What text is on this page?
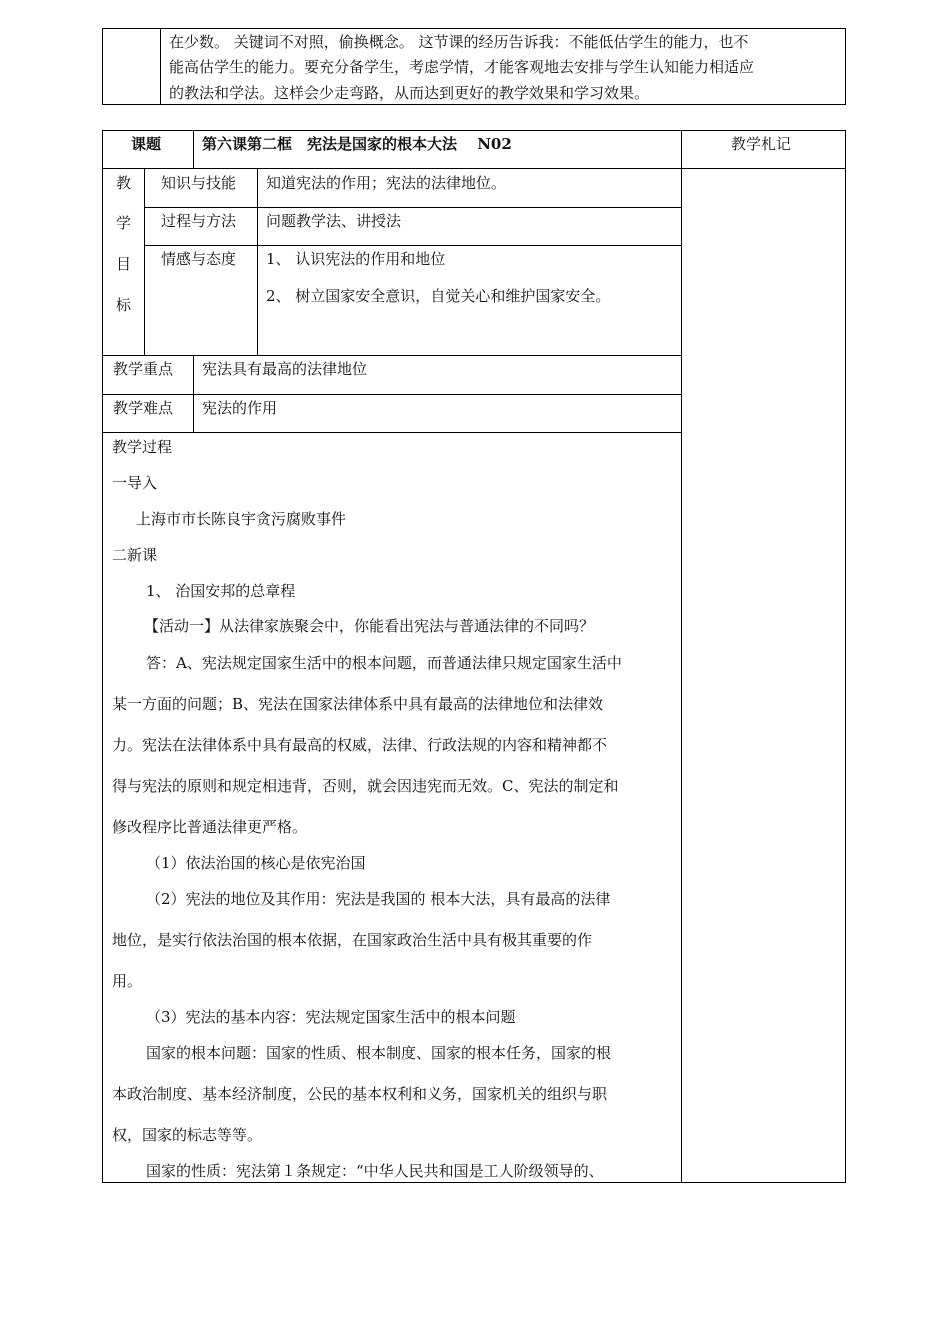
在少数。 关键词不对照，偷换概念。 这节课的经历告诉我：不能低估学生的能力，也不
能高估学生的能力。要充分备学生，考虑学情，才能客观地去安排与学生认知能力相适应
的教法和学法。这样会少走弯路，从而达到更好的教学效果和学习效果。
课题	第六课第二框　宪法是国家的根本大法　 N02	教学札记
教
学
目
标
知识与技能 知道宪法的作用；宪法的法律地位。
过程与方法 问题教学法、讲授法
情感与态度 1、 认识宪法的作用和地位
2、 树立国家安全意识，自觉关心和维护国家安全。
教学重点 宪法具有最高的法律地位
教学难点 宪法的作用
教学过程
一导入
上海市市长陈良宇贪污腐败事件
二新课
1、 治国安邦的总章程
【活动一】从法律家族聚会中，你能看出宪法与普通法律的不同吗？
答：A、宪法规定国家生活中的根本问题，而普通法律只规定国家生活中
某一方面的问题；B、宪法在国家法律体系中具有最高的法律地位和法律效
力。宪法在法律体系中具有最高的权威，法律、行政法规的内容和精神都不
得与宪法的原则和规定相违背，否则，就会因违宪而无效。C、宪法的制定和
修改程序比普通法律更严格。
（1）依法治国的核心是依宪治国
（2）宪法的地位及其作用：宪法是我国的 根本大法，具有最高的法律
地位，是实行依法治国的根本依据，在国家政治生活中具有极其重要的作
用。
（3）宪法的基本内容：宪法规定国家生活中的根本问题
国家的根本问题：国家的性质、根本制度、国家的根本任务，国家的根
本政治制度、基本经济制度，公民的基本权利和义务，国家机关的组织与职
权，国家的标志等等。
国家的性质：宪法第１条规定：“中华人民共和国是工人阶级领导的、
